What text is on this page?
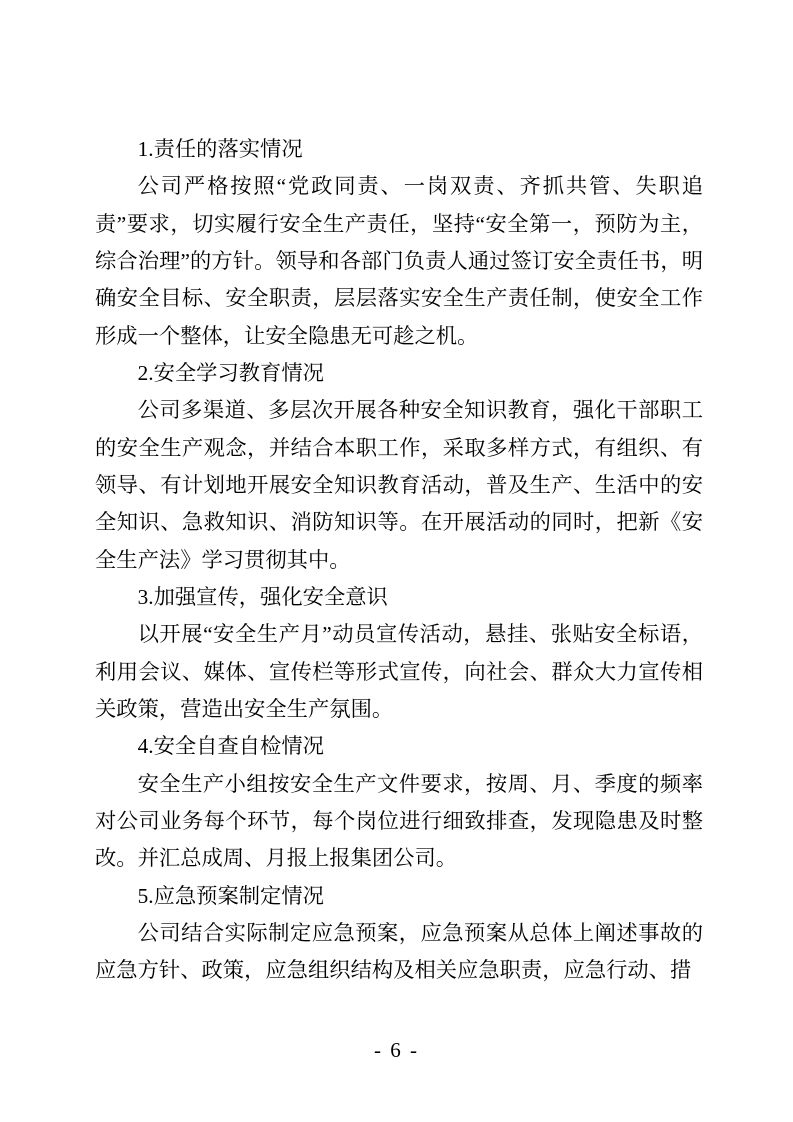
1.责任的落实情况

公司严格按照“党政同责、一岗双责、齐抓共管、失职追责”要求，切实履行安全生产责任，坚持“安全第一，预防为主，综合治理”的方针。领导和各部门负责人通过签订安全责任书，明确安全目标、安全职责，层层落实安全生产责任制，使安全工作形成一个整体，让安全隐患无可趁之机。

2.安全学习教育情况

公司多渠道、多层次开展各种安全知识教育，强化干部职工的安全生产观念，并结合本职工作，采取多样方式，有组织、有领导、有计划地开展安全知识教育活动，普及生产、生活中的安全知识、急救知识、消防知识等。在开展活动的同时，把新《安全生产法》学习贯彻其中。

3.加强宣传，强化安全意识

以开展“安全生产月”动员宣传活动，悬挂、张贴安全标语，利用会议、媒体、宣传栏等形式宣传，向社会、群众大力宣传相关政策，营造出安全生产氛围。

4.安全自查自检情况

安全生产小组按安全生产文件要求，按周、月、季度的频率对公司业务每个环节，每个岗位进行细致排查，发现隐患及时整改。并汇总成周、月报上报集团公司。

5.应急预案制定情况

公司结合实际制定应急预案，应急预案从总体上阐述事故的应急方针、政策，应急组织结构及相关应急职责，应急行动、措

- 6 -
